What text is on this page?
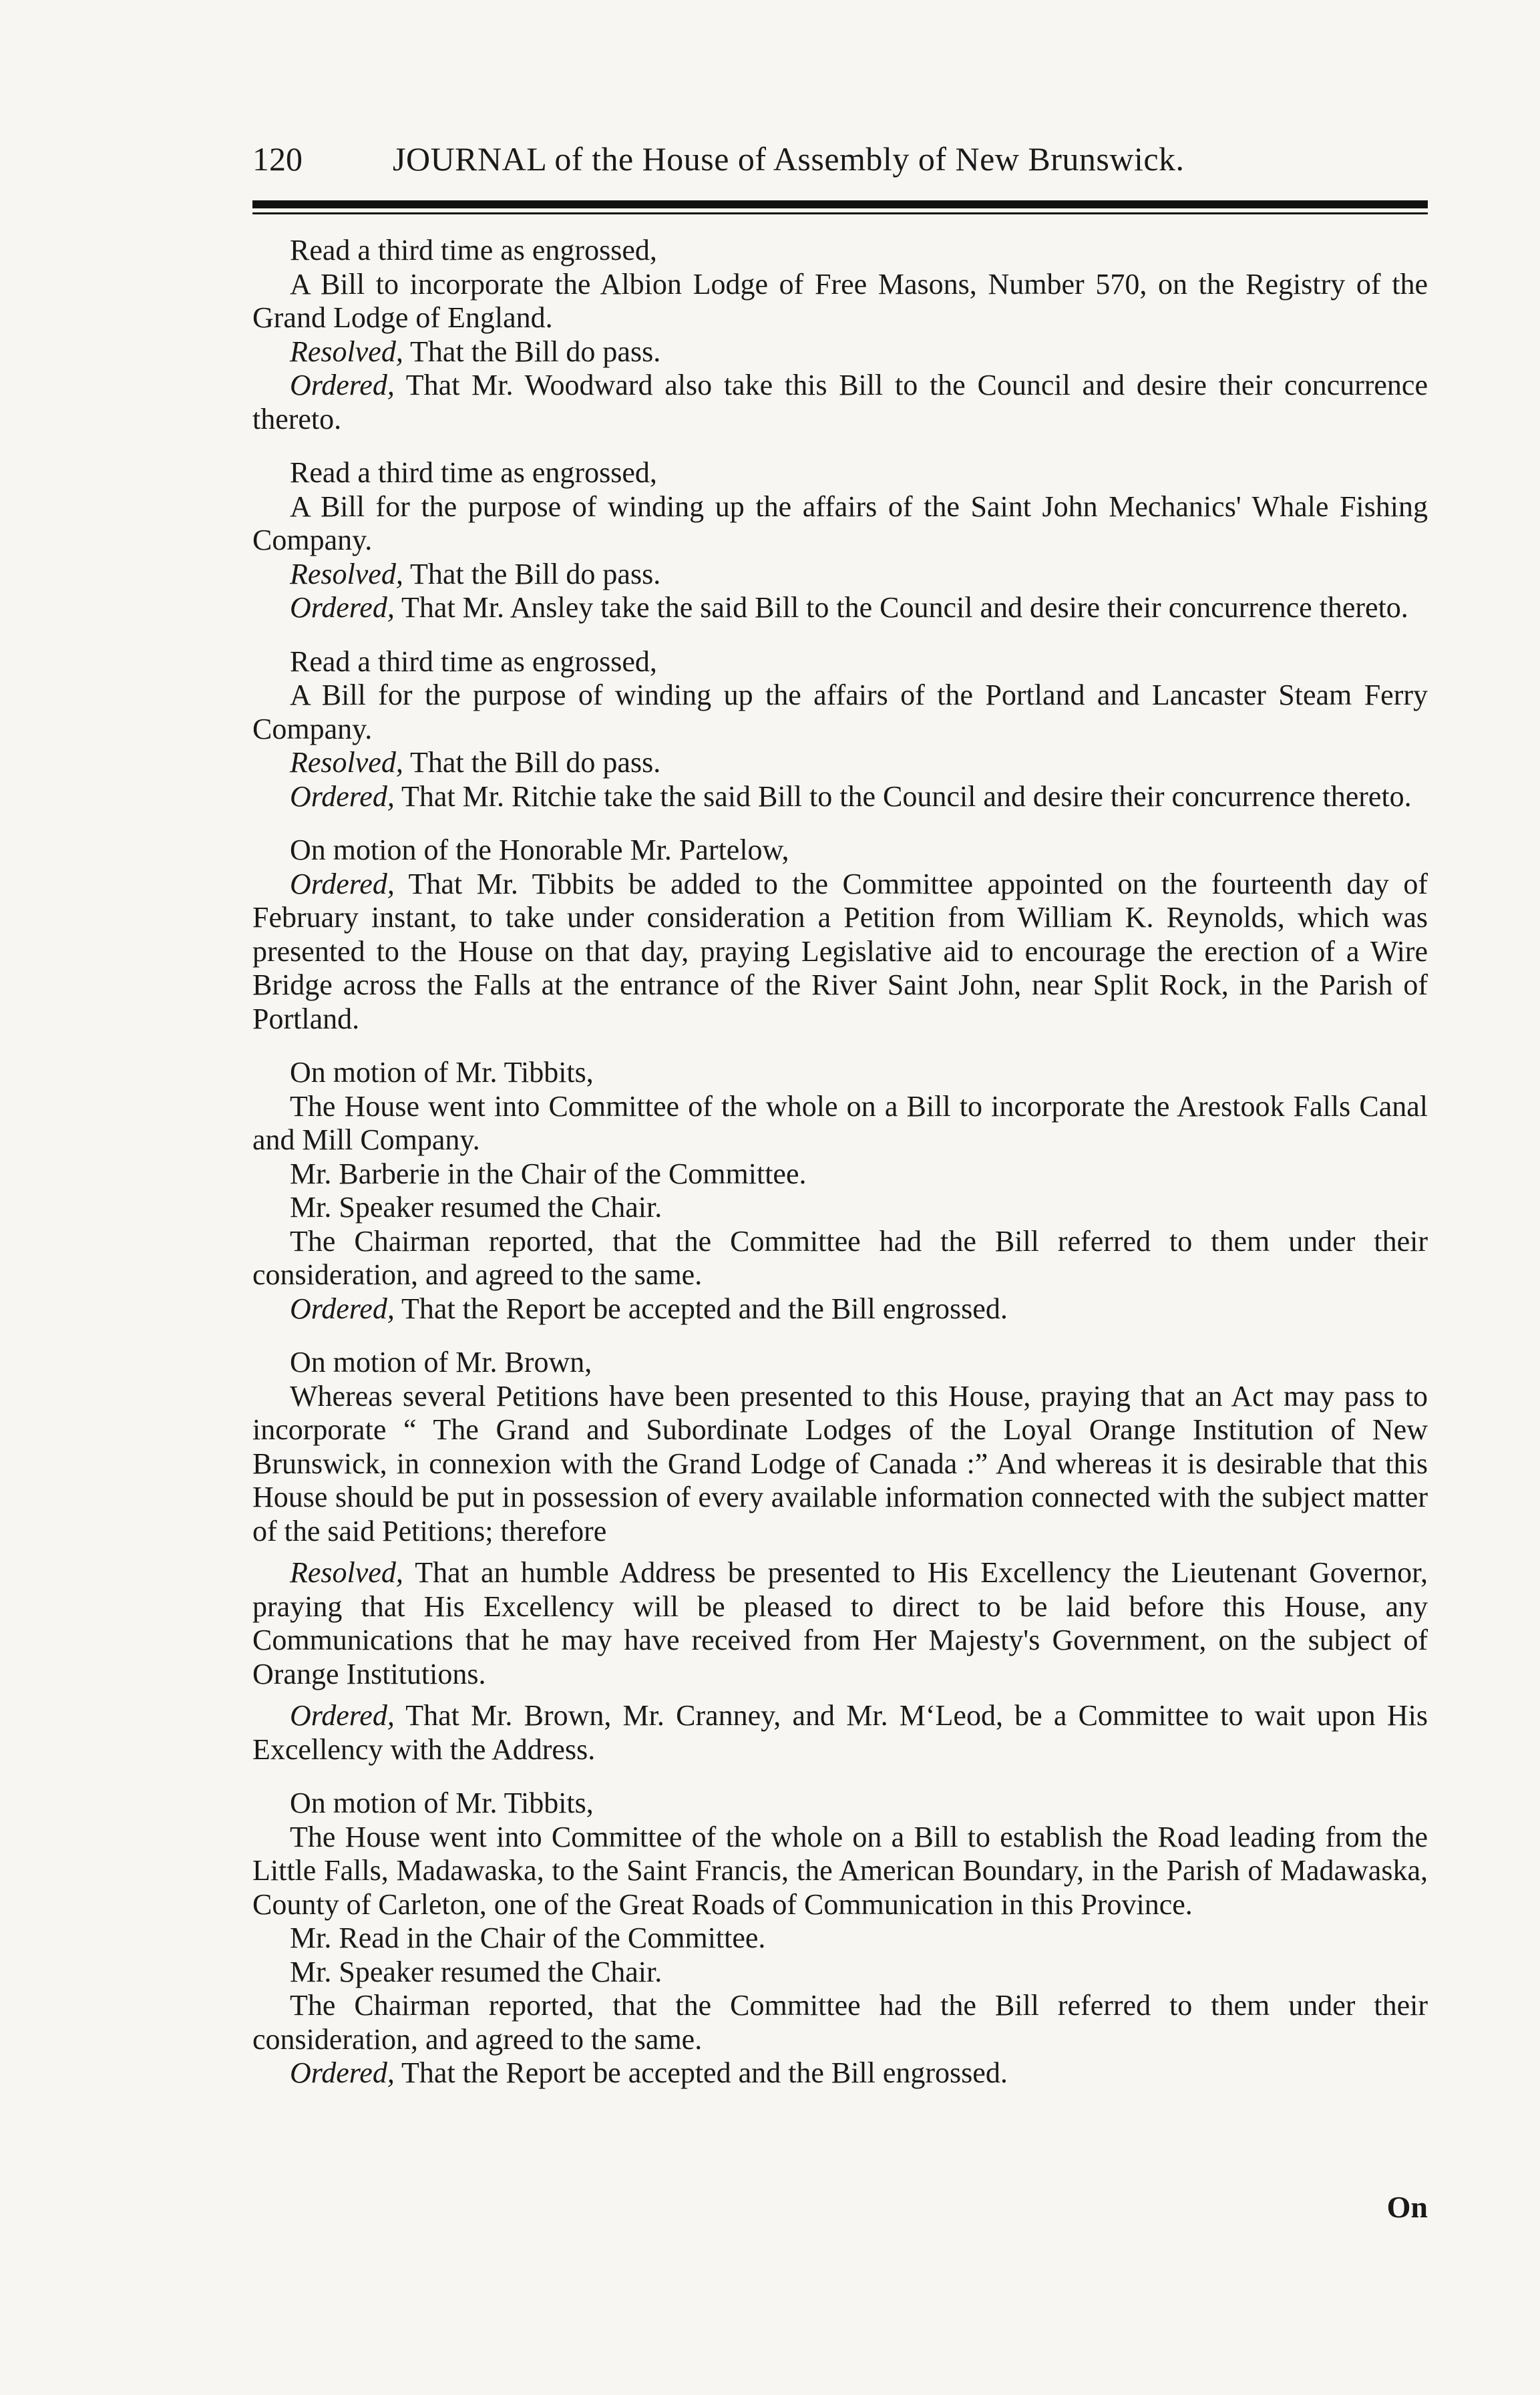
120	JOURNAL of the House of Assembly of New Brunswick.

Read a third time as engrossed,

A Bill to incorporate the Albion Lodge of Free Masons, Number 570, on the Registry of the Grand Lodge of England.

Resolved, That the Bill do pass.

Ordered, That Mr. Woodward also take this Bill to the Council and desire their concurrence thereto.

Read a third time as engrossed,

A Bill for the purpose of winding up the affairs of the Saint John Mechanics' Whale Fishing Company.

Resolved, That the Bill do pass.

Ordered, That Mr. Ansley take the said Bill to the Council and desire their concurrence thereto.

Read a third time as engrossed,

A Bill for the purpose of winding up the affairs of the Portland and Lancaster Steam Ferry Company.

Resolved, That the Bill do pass.

Ordered, That Mr. Ritchie take the said Bill to the Council and desire their concurrence thereto.

On motion of the Honorable Mr. Partelow,

Ordered, That Mr. Tibbits be added to the Committee appointed on the fourteenth day of February instant, to take under consideration a Petition from William K. Reynolds, which was presented to the House on that day, praying Legislative aid to encourage the erection of a Wire Bridge across the Falls at the entrance of the River Saint John, near Split Rock, in the Parish of Portland.

On motion of Mr. Tibbits,

The House went into Committee of the whole on a Bill to incorporate the Arestook Falls Canal and Mill Company.

Mr. Barberie in the Chair of the Committee.

Mr. Speaker resumed the Chair.

The Chairman reported, that the Committee had the Bill referred to them under their consideration, and agreed to the same.

Ordered, That the Report be accepted and the Bill engrossed.

On motion of Mr. Brown,

Whereas several Petitions have been presented to this House, praying that an Act may pass to incorporate “ The Grand and Subordinate Lodges of the Loyal Orange Institution of New Brunswick, in connexion with the Grand Lodge of Canada :” And whereas it is desirable that this House should be put in possession of every available information connected with the subject matter of the said Petitions; therefore

Resolved, That an humble Address be presented to His Excellency the Lieutenant Governor, praying that His Excellency will be pleased to direct to be laid before this House, any Communications that he may have received from Her Majesty's Government, on the subject of Orange Institutions.

Ordered, That Mr. Brown, Mr. Cranney, and Mr. M‘Leod, be a Committee to wait upon His Excellency with the Address.

On motion of Mr. Tibbits,

The House went into Committee of the whole on a Bill to establish the Road leading from the Little Falls, Madawaska, to the Saint Francis, the American Boundary, in the Parish of Madawaska, County of Carleton, one of the Great Roads of Communication in this Province.

Mr. Read in the Chair of the Committee.

Mr. Speaker resumed the Chair.

The Chairman reported, that the Committee had the Bill referred to them under their consideration, and agreed to the same.

Ordered, That the Report be accepted and the Bill engrossed.

On
